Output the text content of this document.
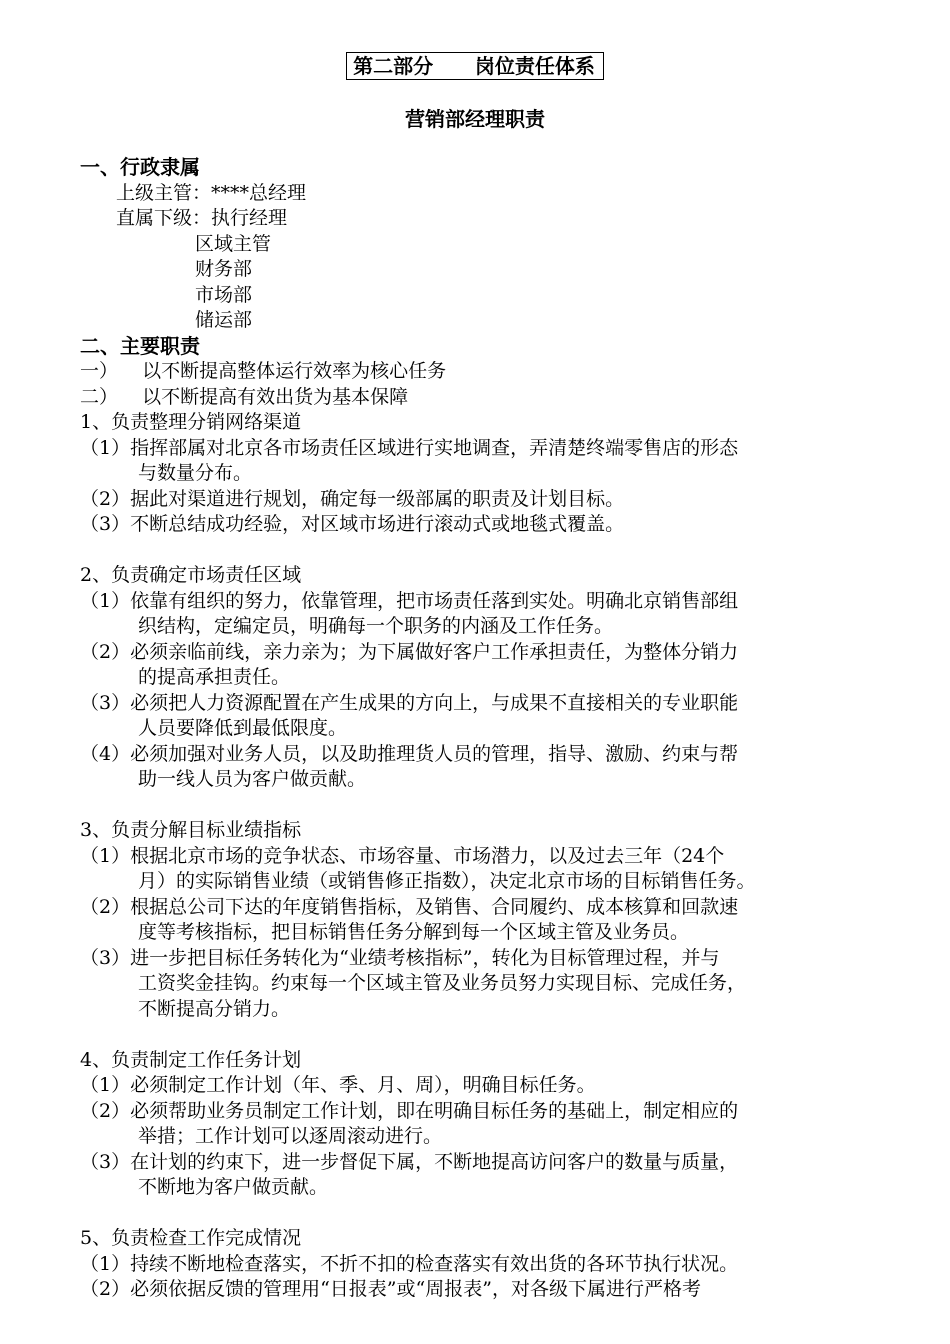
第二部分      岗位责任体系
营销部经理职责
一、行政隶属
上级主管：****总经理
直属下级：执行经理
区域主管
财务部
市场部
储运部
二、主要职责
一）    以不断提高整体运行效率为核心任务
二）    以不断提高有效出货为基本保障
1、负责整理分销网络渠道
（1）指挥部属对北京各市场责任区域进行实地调查，弄清楚终端零售店的形态
与数量分布。
（2）据此对渠道进行规划，确定每一级部属的职责及计划目标。
（3）不断总结成功经验，对区域市场进行滚动式或地毯式覆盖。
2、负责确定市场责任区域
（1）依靠有组织的努力，依靠管理，把市场责任落到实处。明确北京销售部组
织结构，定编定员，明确每一个职务的内涵及工作任务。
（2）必须亲临前线，亲力亲为；为下属做好客户工作承担责任，为整体分销力
的提高承担责任。
（3）必须把人力资源配置在产生成果的方向上，与成果不直接相关的专业职能
人员要降低到最低限度。
（4）必须加强对业务人员，以及助推理货人员的管理，指导、激励、约束与帮
助一线人员为客户做贡献。
3、负责分解目标业绩指标
（1）根据北京市场的竞争状态、市场容量、市场潜力，以及过去三年（24个
月）的实际销售业绩（或销售修正指数），决定北京市场的目标销售任务。
（2）根据总公司下达的年度销售指标，及销售、合同履约、成本核算和回款速
度等考核指标，把目标销售任务分解到每一个区域主管及业务员。
（3）进一步把目标任务转化为“业绩考核指标”，转化为目标管理过程，并与
工资奖金挂钩。约束每一个区域主管及业务员努力实现目标、完成任务，
不断提高分销力。
4、负责制定工作任务计划
（1）必须制定工作计划（年、季、月、周），明确目标任务。
（2）必须帮助业务员制定工作计划，即在明确目标任务的基础上，制定相应的
举措；工作计划可以逐周滚动进行。
（3）在计划的约束下，进一步督促下属，不断地提高访问客户的数量与质量，
不断地为客户做贡献。
5、负责检查工作完成情况
（1）持续不断地检查落实，不折不扣的检查落实有效出货的各环节执行状况。
（2）必须依据反馈的管理用“日报表”或“周报表”，对各级下属进行严格考
